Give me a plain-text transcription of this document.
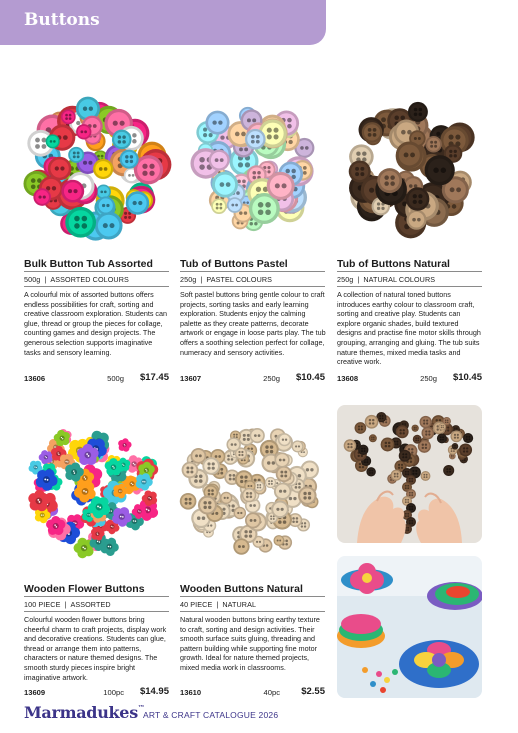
Buttons
Bulk Button Tub Assorted
500g | ASSORTED COLOURS
A colourful mix of assorted buttons offers endless possibilities for craft, sorting and creative classroom exploration. Students can glue, thread or group the pieces for collage, counting games and design projects. The generous selection supports imaginative tasks and sensory learning.
13606	500g $17.45
Tub of Buttons Pastel
250g | PASTEL COLOURS
Soft pastel buttons bring gentle colour to craft projects, sorting tasks and early learning exploration. Students enjoy the calming palette as they create patterns, decorate artwork or engage in loose parts play. The tub offers a soothing selection perfect for collage, numeracy and sensory activities.
13607	250g $10.45
Tub of Buttons Natural
250g | NATURAL COLOURS
A collection of natural toned buttons introduces earthy colour to classroom craft, sorting and creative play. Students can explore organic shades, build textured designs and practise fine motor skills through grouping, arranging and gluing. The tub suits nature themes, mixed media tasks and creative work.
13608	250g $10.45
Wooden Flower Buttons
100 PIECE | ASSORTED
Colourful wooden flower buttons bring cheerful charm to craft projects, display work and decorative creations. Students can glue, thread or arrange them into patterns, characters or nature themed designs. The smooth sturdy pieces inspire bright imaginative artwork.
13609	100pc $14.95
Wooden Buttons Natural
40 PIECE | NATURAL
Natural wooden buttons bring earthy texture to craft, sorting and design activities. Their smooth surface suits gluing, threading and pattern building while supporting fine motor growth. Ideal for nature themed projects, mixed media work in classrooms.
13610	40pc $2.55
Marmadukes™
ART & CRAFT CATALOGUE 2026
